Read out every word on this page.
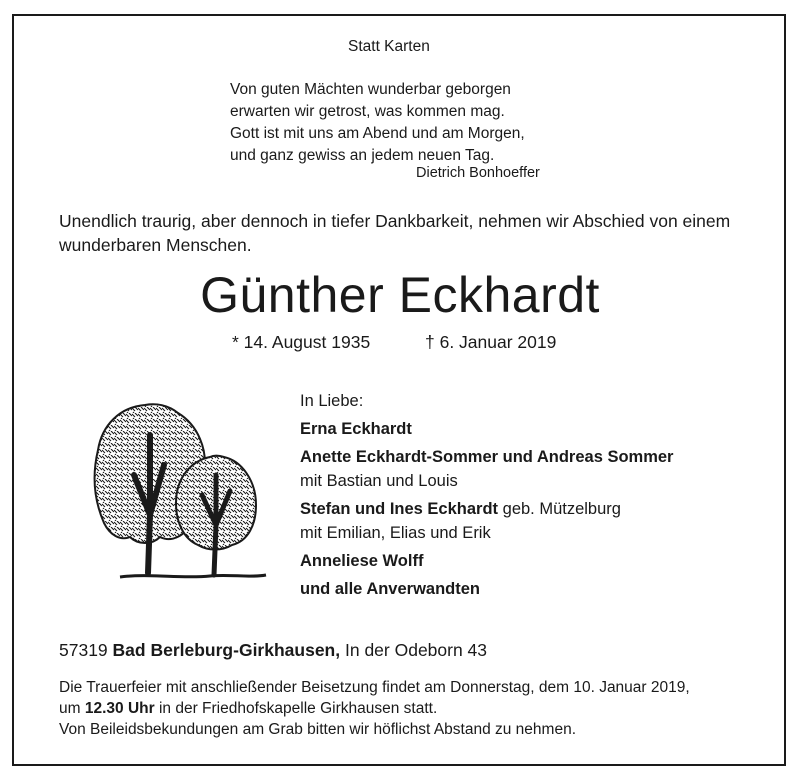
Statt Karten
Von guten Mächten wunderbar geborgen
erwarten wir getrost, was kommen mag.
Gott ist mit uns am Abend und am Morgen,
und ganz gewiss an jedem neuen Tag.
Dietrich Bonhoeffer
Unendlich traurig, aber dennoch in tiefer Dankbarkeit, nehmen wir Abschied von einem wunderbaren Menschen.
Günther Eckhardt
* 14. August 1935	† 6. Januar 2019
In Liebe:
Erna Eckhardt
Anette Eckhardt-Sommer und Andreas Sommer
mit Bastian und Louis
Stefan und Ines Eckhardt geb. Mützelburg
mit Emilian, Elias und Erik
Anneliese Wolff
und alle Anverwandten
57319 Bad Berleburg-Girkhausen, In der Odeborn 43
Die Trauerfeier mit anschließender Beisetzung findet am Donnerstag, dem 10. Januar 2019,
um 12.30 Uhr in der Friedhofskapelle Girkhausen statt.
Von Beileidsbekundungen am Grab bitten wir höflichst Abstand zu nehmen.
